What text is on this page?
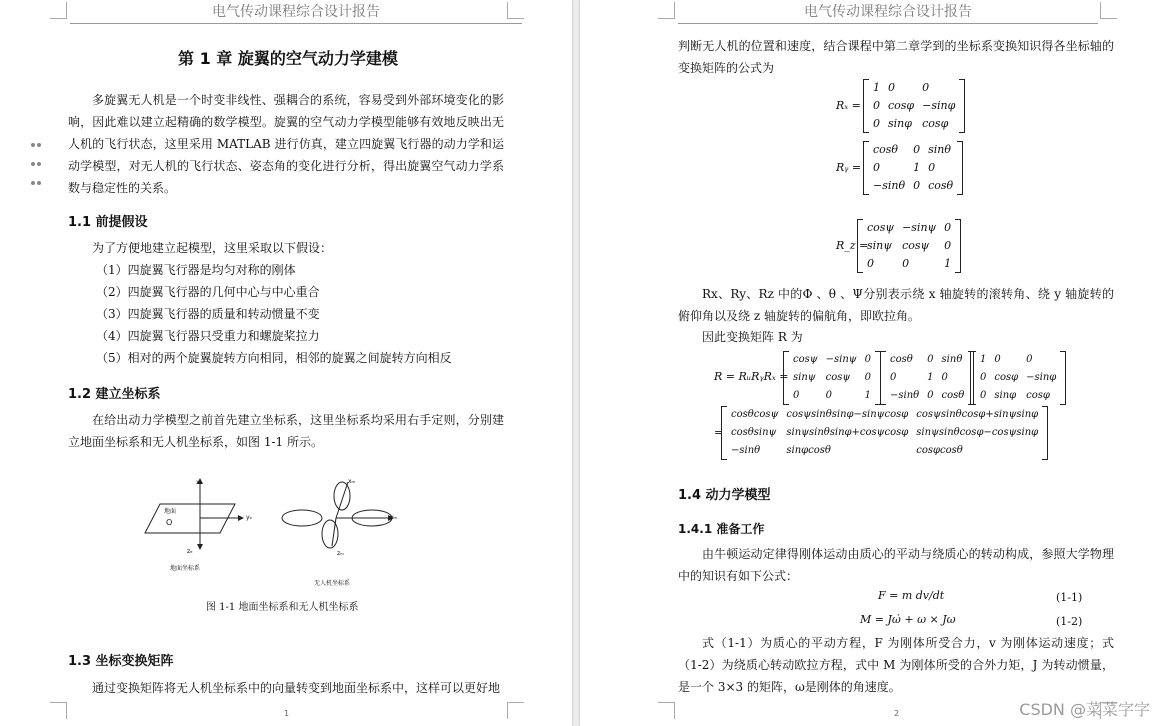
电气传动课程综合设计报告
第 1 章 旋翼的空气动力学建模
多旋翼无人机是一个时变非线性、强耦合的系统，容易受到外部环境变化的影响，因此难以建立起精确的数学模型。旋翼的空气动力学模型能够有效地反映出无人机的飞行状态，这里采用 MATLAB 进行仿真，建立四旋翼飞行器的动力学和运动学模型，对无人机的飞行状态、姿态角的变化进行分析，得出旋翼空气动力学系数与稳定性的关系。
1.1 前提假设
为了方便地建立起模型，这里采取以下假设：
（1）四旋翼飞行器是均匀对称的刚体
（2）四旋翼飞行器的几何中心与中心重合
（3）四旋翼飞行器的质量和转动惯量不变
（4）四旋翼飞行器只受重力和螺旋桨拉力
（5）相对的两个旋翼旋转方向相同，相邻的旋翼之间旋转方向相反
1.2 建立坐标系
在给出动力学模型之前首先建立坐标系，这里坐标系均采用右手定则，分别建立地面坐标系和无人机坐标系，如图 1-1 所示。
地面
O
xₑ
yₑ
zₑ
xₘ
yₘ
zₘ
地面坐标系
无人机坐标系
图 1-1 地面坐标系和无人机坐标系
1.3 坐标变换矩阵
通过变换矩阵将无人机坐标系中的向量转变到地面坐标系中，这样可以更好地
1
电气传动课程综合设计报告
判断无人机的位置和速度，结合课程中第二章学到的坐标系变换知识得各坐标轴的变换矩阵的公式为
Rₓ =
1	0	0
0	cosφ	−sinφ
0	sinφ	cosφ
Rᵧ =
cosθ	0	sinθ
0	1	0
−sinθ	0	cosθ
R_z =
cosψ	−sinψ	0
sinψ	cosψ	0
0	0	1
Rx、Ry、Rz 中的Φ 、θ 、Ψ分别表示绕 x 轴旋转的滚转角、绕 y 轴旋转的俯仰角以及绕 z 轴旋转的偏航角，即欧拉角。
因此变换矩阵 R 为
R = RᵤRᵧRₓ =
cosψ	−sinψ	0
sinψ	cosψ	0
0	0	1
cosθ	0	sinθ
0	1	0
−sinθ	0	cosθ
1	0	0
0	cosφ	−sinφ
0	sinφ	cosφ
=
cosθcosψ	cosψsinθsinφ−sinψcosφ	cosψsinθcosφ+sinψsinφ
cosθsinψ	sinψsinθsinφ+cosψcosφ	sinψsinθcosφ−cosψsinφ
−sinθ	sinφcosθ	cosφcosθ
1.4 动力学模型
1.4.1 准备工作
由牛顿运动定律得刚体运动由质心的平动与绕质心的转动构成，参照大学物理中的知识有如下公式：
F = m dv/dt	(1-1)
M = Jω̇ + ω × Jω	(1-2)
式（1-1）为质心的平动方程，F 为刚体所受合力，v 为刚体运动速度；式（1-2）为绕质心转动欧拉方程，式中 M 为刚体所受的合外力矩，J 为转动惯量，是一个 3×3 的矩阵，ω是刚体的角速度。
2	CSDN @菜菜字字
